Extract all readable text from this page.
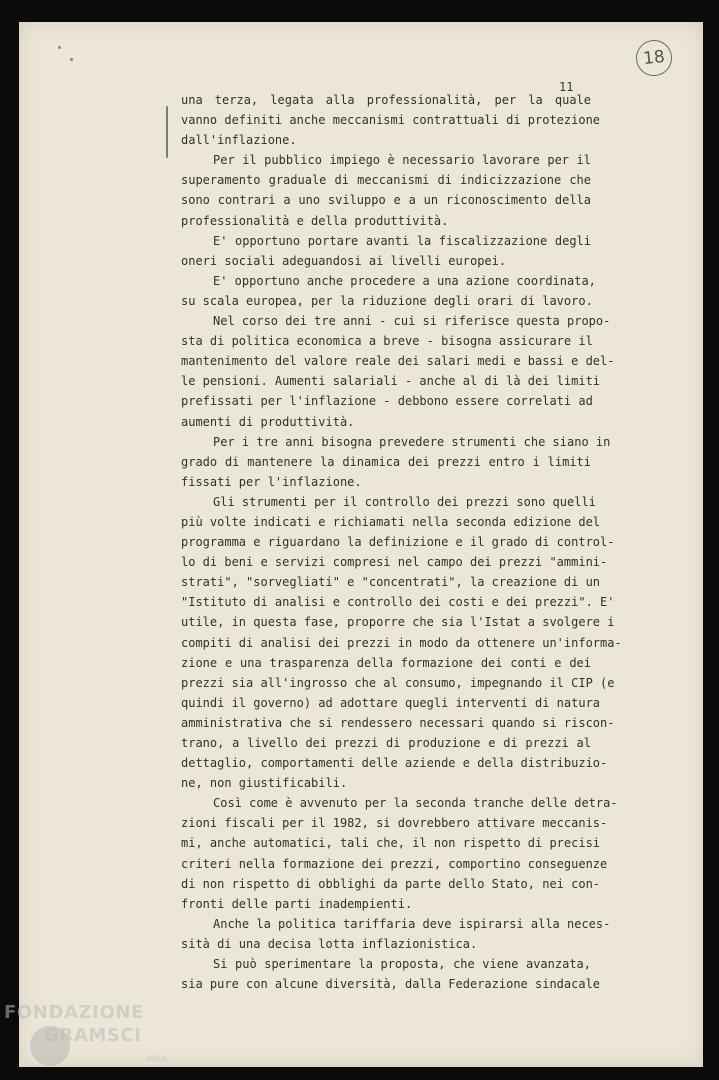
11
18
una terza, legata alla professionalità, per la quale
vanno definiti anche meccanismi contrattuali di protezione
dall'inflazione.
Per il pubblico impiego è necessario lavorare per il
superamento graduale di meccanismi di indicizzazione che
sono contrari a uno sviluppo e a un riconoscimento della
professionalità e della produttività.
E' opportuno portare avanti la fiscalizzazione degli
oneri sociali adeguandosi ai livelli europei.
E' opportuno anche procedere a una azione coordinata,
su scala europea, per la riduzione degli orari di lavoro.
Nel corso dei tre anni - cui si riferisce questa propo-
sta di politica economica a breve - bisogna assicurare il
mantenimento del valore reale dei salari medi e bassi e del-
le pensioni. Aumenti salariali - anche al di là dei limiti
prefissati per l'inflazione - debbono essere correlati ad
aumenti di produttività.
Per i tre anni bisogna prevedere strumenti che siano in
grado di mantenere la dinamica dei prezzi entro i limiti
fissati per l'inflazione.
Gli strumenti per il controllo dei prezzi sono quelli
più volte indicati e richiamati nella seconda edizione del
programma e riguardano la definizione e il grado di control-
lo di beni e servizi compresi nel campo dei prezzi "ammini-
strati", "sorvegliati" e "concentrati", la creazione di un
"Istituto di analisi e controllo dei costi e dei prezzi". E'
utile, in questa fase, proporre che sia l'Istat a svolgere i
compiti di analisi dei prezzi in modo da ottenere un'informa-
zione e una trasparenza della formazione dei conti e dei
prezzi sia all'ingrosso che al consumo, impegnando il CIP (e
quindi il governo) ad adottare quegli interventi di natura
amministrativa che si rendessero necessari quando si riscon-
trano, a livello dei prezzi di produzione e di prezzi al
dettaglio, comportamenti delle aziende e della distribuzio-
ne, non giustificabili.
Così come è avvenuto per la seconda tranche delle detra-
zioni fiscali per il 1982, si dovrebbero attivare meccanis-
mi, anche automatici, tali che, il non rispetto di precisi
criteri nella formazione dei prezzi, comportino conseguenze
di non rispetto di obblighi da parte dello Stato, nei con-
fronti delle parti inadempienti.
Anche la politica tariffaria deve ispirarsi alla neces-
sità di una decisa lotta inflazionistica.
Si può sperimentare la proposta, che viene avanzata,
sia pure con alcune diversità, dalla Federazione sindacale
FONDAZIONE
GRAMSCI
onlus
